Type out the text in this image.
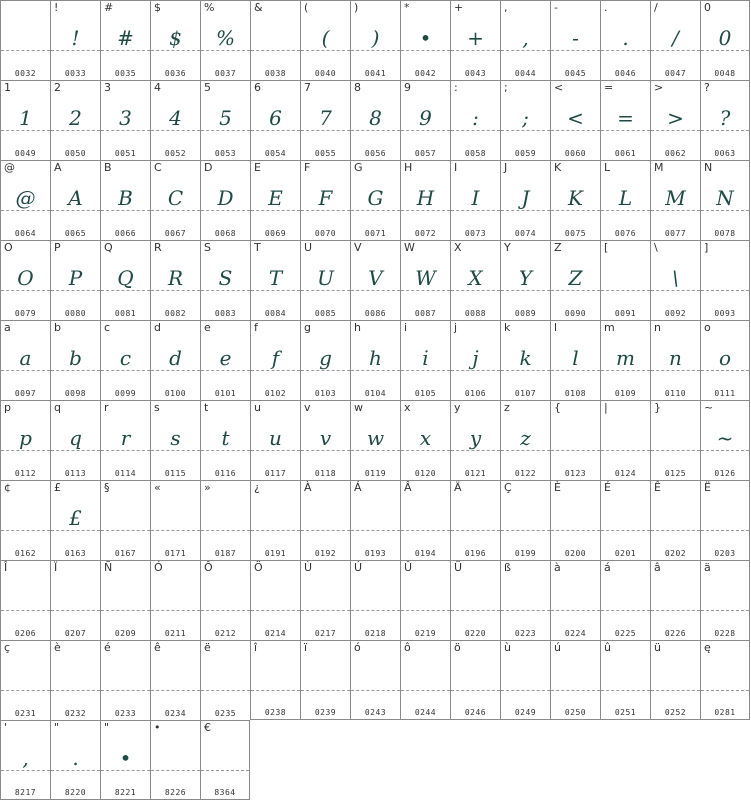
0032
!
!
0033
#
#
0035
$
$
0036
%
%
0037
&
0038
(
(
0040
)
)
0041
*
•
0042
+
+
0043
,
,
0044
-
-
0045
.
.
0046
/
/
0047
0
0
0048
1
1
0049
2
2
0050
3
3
0051
4
4
0052
5
5
0053
6
6
0054
7
7
0055
8
8
0056
9
9
0057
:
:
0058
;
;
0059
<
<
0060
=
=
0061
>
>
0062
?
?
0063
@
@
0064
A
A
0065
B
B
0066
C
C
0067
D
D
0068
E
E
0069
F
F
0070
G
G
0071
H
H
0072
I
I
0073
J
J
0074
K
K
0075
L
L
0076
M
M
0077
N
N
0078
O
O
0079
P
P
0080
Q
Q
0081
R
R
0082
S
S
0083
T
T
0084
U
U
0085
V
V
0086
W
W
0087
X
X
0088
Y
Y
0089
Z
Z
0090
[
0091
\
\
0092
]
0093
a
a
0097
b
b
0098
c
c
0099
d
d
0100
e
e
0101
f
f
0102
g
g
0103
h
h
0104
i
i
0105
j
j
0106
k
k
0107
l
l
0108
m
m
0109
n
n
0110
o
o
0111
p
p
0112
q
q
0113
r
r
0114
s
s
0115
t
t
0116
u
u
0117
v
v
0118
w
w
0119
x
x
0120
y
y
0121
z
z
0122
{
0123
|
0124
}
0125
~
~
0126
¢
0162
£
£
0163
§
0167
«
0171
»
0187
¿
0191
À
0192
Á
0193
Â
0194
Ä
0196
Ç
0199
È
0200
É
0201
Ê
0202
Ë
0203
Î
0206
Ï
0207
Ñ
0209
Ó
0211
Ô
0212
Ö
0214
Ù
0217
Ú
0218
Û
0219
Ü
0220
ß
0223
à
0224
á
0225
â
0226
ä
0228
ç
0231
è
0232
é
0233
ê
0234
ë
0235
î
0238
ï
0239
ó
0243
ô
0244
ö
0246
ù
0249
ú
0250
û
0251
ü
0252
ę
0281
'
,
8217
"
.
8220
"
•
8221
•
8226
€
8364
